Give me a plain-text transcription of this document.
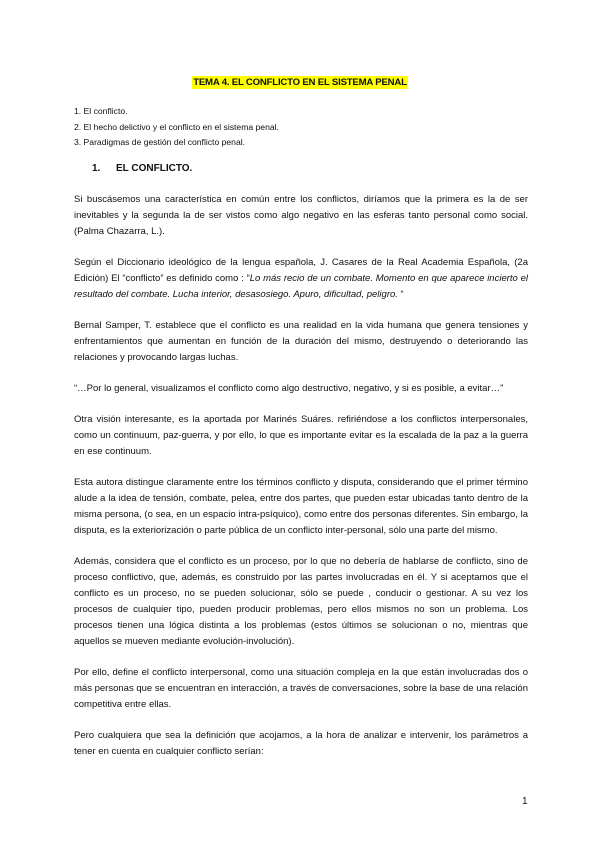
TEMA 4. EL CONFLICTO EN EL SISTEMA PENAL
1. El conflicto.
2. El hecho delictivo y el conflicto en el sistema penal.
3. Paradigmas de gestión del conflicto penal.
1. EL CONFLICTO.

Si buscásemos una característica en común entre los conflictos, diríamos que la primera es la de ser inevitables y la segunda la de ser vistos como algo negativo en las esferas tanto personal como social. (Palma Chazarra, L.).

Según el Diccionario ideológico de la lengua española, J. Casares de la Real Academia Española, (2a Edición) El “conflicto” es definido como : “Lo más recio de un combate. Momento en que aparece incierto el resultado del combate. Lucha interior, desasosiego. Apuro, dificultad, peligro. “

Bernal Samper, T. establece que el conflicto es una realidad en la vida humana que genera tensiones y enfrentamientos que aumentan en función de la duración del mismo, destruyendo o deteriorando las relaciones y provocando largas luchas.

“…Por lo general, visualizamos el conflicto como algo destructivo, negativo, y si es posible, a evitar…”

Otra visión interesante, es la aportada por Marinés Suáres. refiriéndose a los conflictos interpersonales, como un continuum, paz-guerra, y por ello, lo que es importante evitar es la escalada de la paz a la guerra en ese continuum.

Esta autora distingue claramente entre los términos conflicto y disputa, considerando que el primer término alude a la idea de tensión, combate, pelea, entre dos partes, que pueden estar ubicadas tanto dentro de la misma persona, (o sea, en un espacio intra-psíquico), como entre dos personas diferentes. Sin embargo, la disputa, es la exteriorización o parte pública de un conflicto inter-personal, sólo una parte del mismo.

Además, considera que el conflicto es un proceso, por lo que no debería de hablarse de conflicto, sino de proceso conflictivo, que, además, es construido por las partes involucradas en él. Y si aceptamos que el conflicto es un proceso, no se pueden solucionar, sólo se puede , conducir o gestionar. A su vez los procesos de cualquier tipo, pueden producir problemas, pero ellos mismos no son un problema. Los procesos tienen una lógica distinta a los problemas (estos últimos se solucionan o no, mientras que aquellos se mueven mediante evolución-involución).

Por ello, define el conflicto interpersonal, como una situación compleja en la que están involucradas dos o más personas que se encuentran en interacción, a través de conversaciones, sobre la base de una relación competitiva entre ellas.

Pero cualquiera que sea la definición que acojamos, a la hora de analizar e intervenir, los parámetros a tener en cuenta en cualquier conflicto serían:

1
